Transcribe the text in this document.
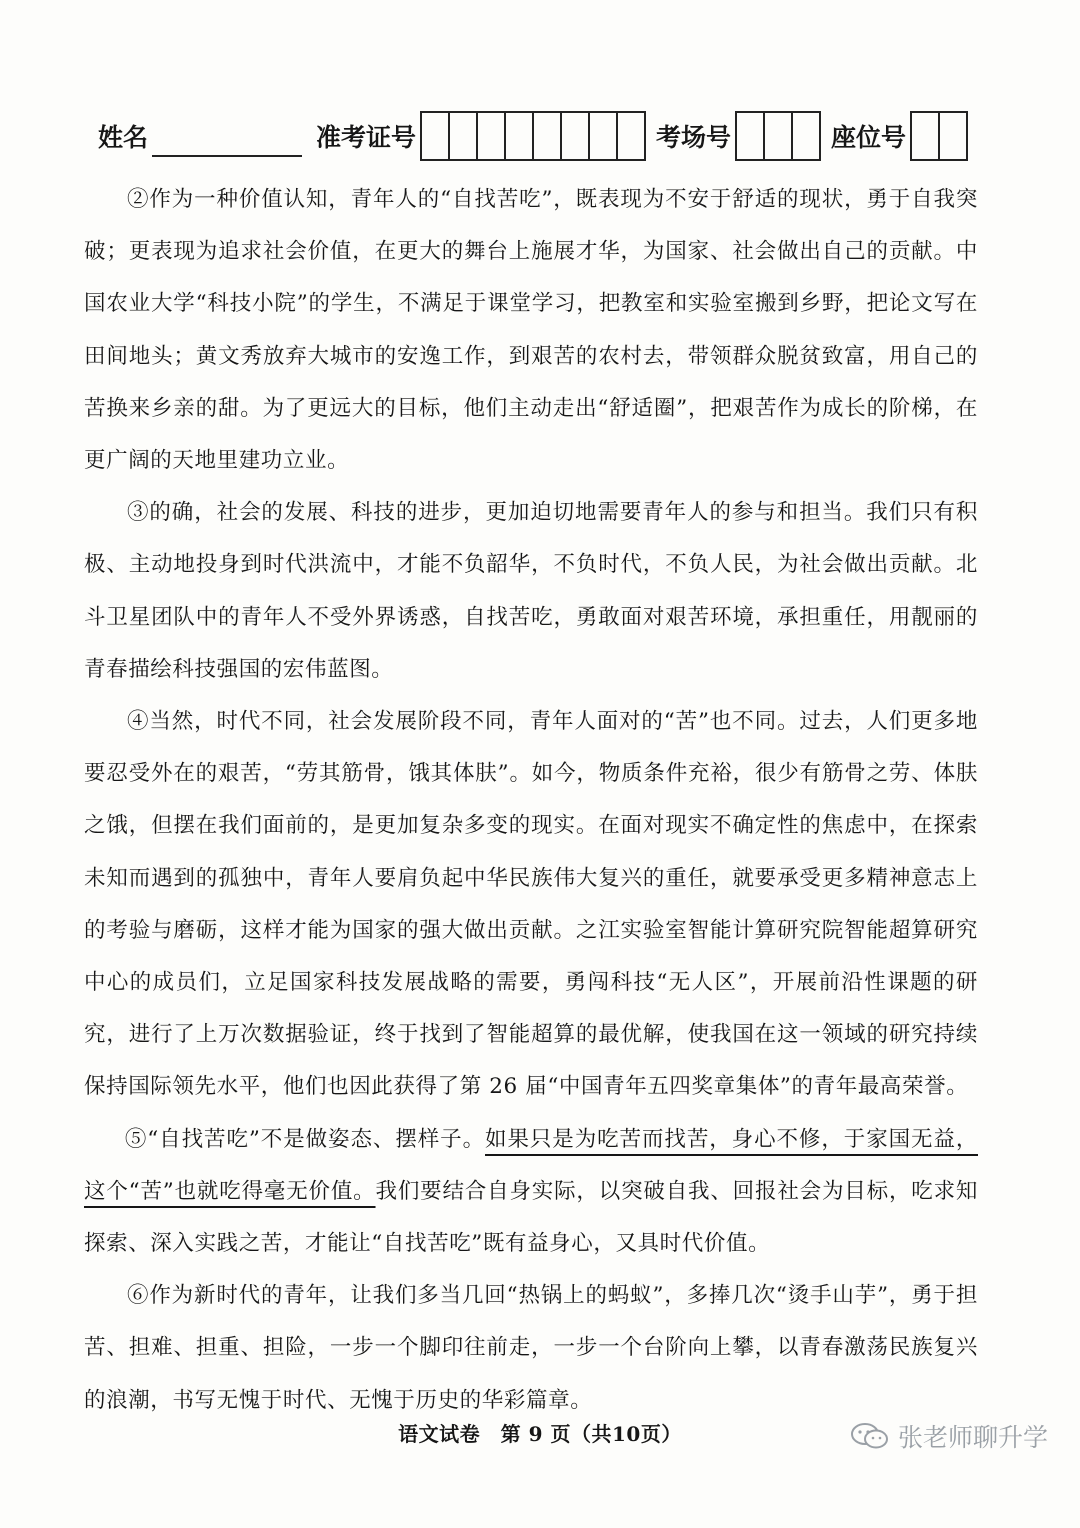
姓名	准考证号	考场号	座位号

②作为一种价值认知，青年人的“自找苦吃”，既表现为不安于舒适的现状，勇于自我突破；更表现为追求社会价值，在更大的舞台上施展才华，为国家、社会做出自己的贡献。中国农业大学“科技小院”的学生，不满足于课堂学习，把教室和实验室搬到乡野，把论文写在田间地头；黄文秀放弃大城市的安逸工作，到艰苦的农村去，带领群众脱贫致富，用自己的苦换来乡亲的甜。为了更远大的目标，他们主动走出“舒适圈”，把艰苦作为成长的阶梯，在更广阔的天地里建功立业。

③的确，社会的发展、科技的进步，更加迫切地需要青年人的参与和担当。我们只有积极、主动地投身到时代洪流中，才能不负韶华，不负时代，不负人民，为社会做出贡献。北斗卫星团队中的青年人不受外界诱惑，自找苦吃，勇敢面对艰苦环境，承担重任，用靓丽的青春描绘科技强国的宏伟蓝图。

④当然，时代不同，社会发展阶段不同，青年人面对的“苦”也不同。过去，人们更多地要忍受外在的艰苦，“劳其筋骨，饿其体肤”。如今，物质条件充裕，很少有筋骨之劳、体肤之饿，但摆在我们面前的，是更加复杂多变的现实。在面对现实不确定性的焦虑中，在探索未知而遇到的孤独中，青年人要肩负起中华民族伟大复兴的重任，就要承受更多精神意志上的考验与磨砺，这样才能为国家的强大做出贡献。之江实验室智能计算研究院智能超算研究中心的成员们，立足国家科技发展战略的需要，勇闯科技“无人区”，开展前沿性课题的研究，进行了上万次数据验证，终于找到了智能超算的最优解，使我国在这一领域的研究持续保持国际领先水平，他们也因此获得了第 26 届“中国青年五四奖章集体”的青年最高荣誉。

⑤“自找苦吃”不是做姿态、摆样子。如果只是为吃苦而找苦，身心不修，于家国无益，这个“苦”也就吃得毫无价值。我们要结合自身实际，以突破自我、回报社会为目标，吃求知探索、深入实践之苦，才能让“自找苦吃”既有益身心，又具时代价值。

⑥作为新时代的青年，让我们多当几回“热锅上的蚂蚁”，多捧几次“烫手山芋”，勇于担苦、担难、担重、担险，一步一个脚印往前走，一步一个台阶向上攀，以青春激荡民族复兴的浪潮，书写无愧于时代、无愧于历史的华彩篇章。

语文试卷　第 9 页（共10页）	张老师聊升学
